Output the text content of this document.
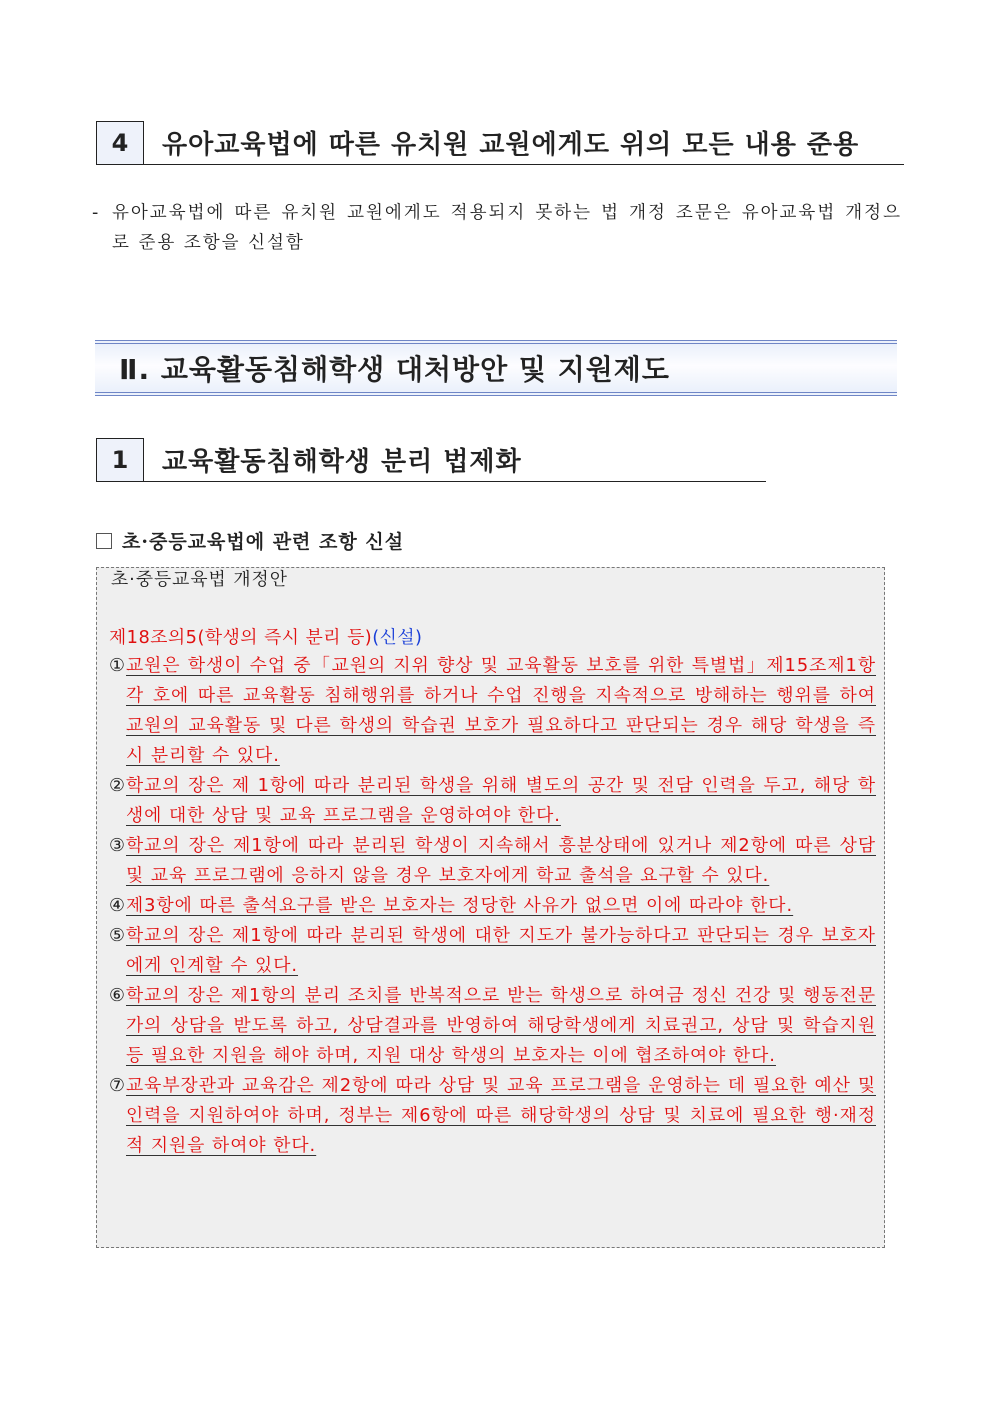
4	유아교육법에 따른 유치원 교원에게도 위의 모든 내용 준용
- 유아교육법에 따른 유치원 교원에게도 적용되지 못하는 법 개정 조문은 유아교육법 개정으로 준용 조항을 신설함
Ⅱ. 교육활동침해학생 대처방안 및 지원제도
1	교육활동침해학생 분리 법제화
초·중등교육법에 관련 조항 신설
초·중등교육법 개정안
제18조의5(학생의 즉시 분리 등)(신설)
① 교원은 학생이 수업 중「교원의 지위 향상 및 교육활동 보호를 위한 특별법」제15조제1항 각 호에 따른 교육활동 침해행위를 하거나 수업 진행을 지속적으로 방해하는 행위를 하여 교원의 교육활동 및 다른 학생의 학습권 보호가 필요하다고 판단되는 경우 해당 학생을 즉시 분리할 수 있다.
② 학교의 장은 제 1항에 따라 분리된 학생을 위해 별도의 공간 및 전담 인력을 두고, 해당 학생에 대한 상담 및 교육 프로그램을 운영하여야 한다.
③ 학교의 장은 제1항에 따라 분리된 학생이 지속해서 흥분상태에 있거나 제2항에 따른 상담 및 교육 프로그램에 응하지 않을 경우 보호자에게 학교 출석을 요구할 수 있다.
④ 제3항에 따른 출석요구를 받은 보호자는 정당한 사유가 없으면 이에 따라야 한다.
⑤ 학교의 장은 제1항에 따라 분리된 학생에 대한 지도가 불가능하다고 판단되는 경우 보호자에게 인계할 수 있다.
⑥ 학교의 장은 제1항의 분리 조치를 반복적으로 받는 학생으로 하여금 정신 건강 및 행동전문가의 상담을 받도록 하고, 상담결과를 반영하여 해당학생에게 치료권고, 상담 및 학습지원 등 필요한 지원을 해야 하며, 지원 대상 학생의 보호자는 이에 협조하여야 한다.
⑦ 교육부장관과 교육감은 제2항에 따라 상담 및 교육 프로그램을 운영하는 데 필요한 예산 및 인력을 지원하여야 하며, 정부는 제6항에 따른 해당학생의 상담 및 치료에 필요한 행·재정적 지원을 하여야 한다.
